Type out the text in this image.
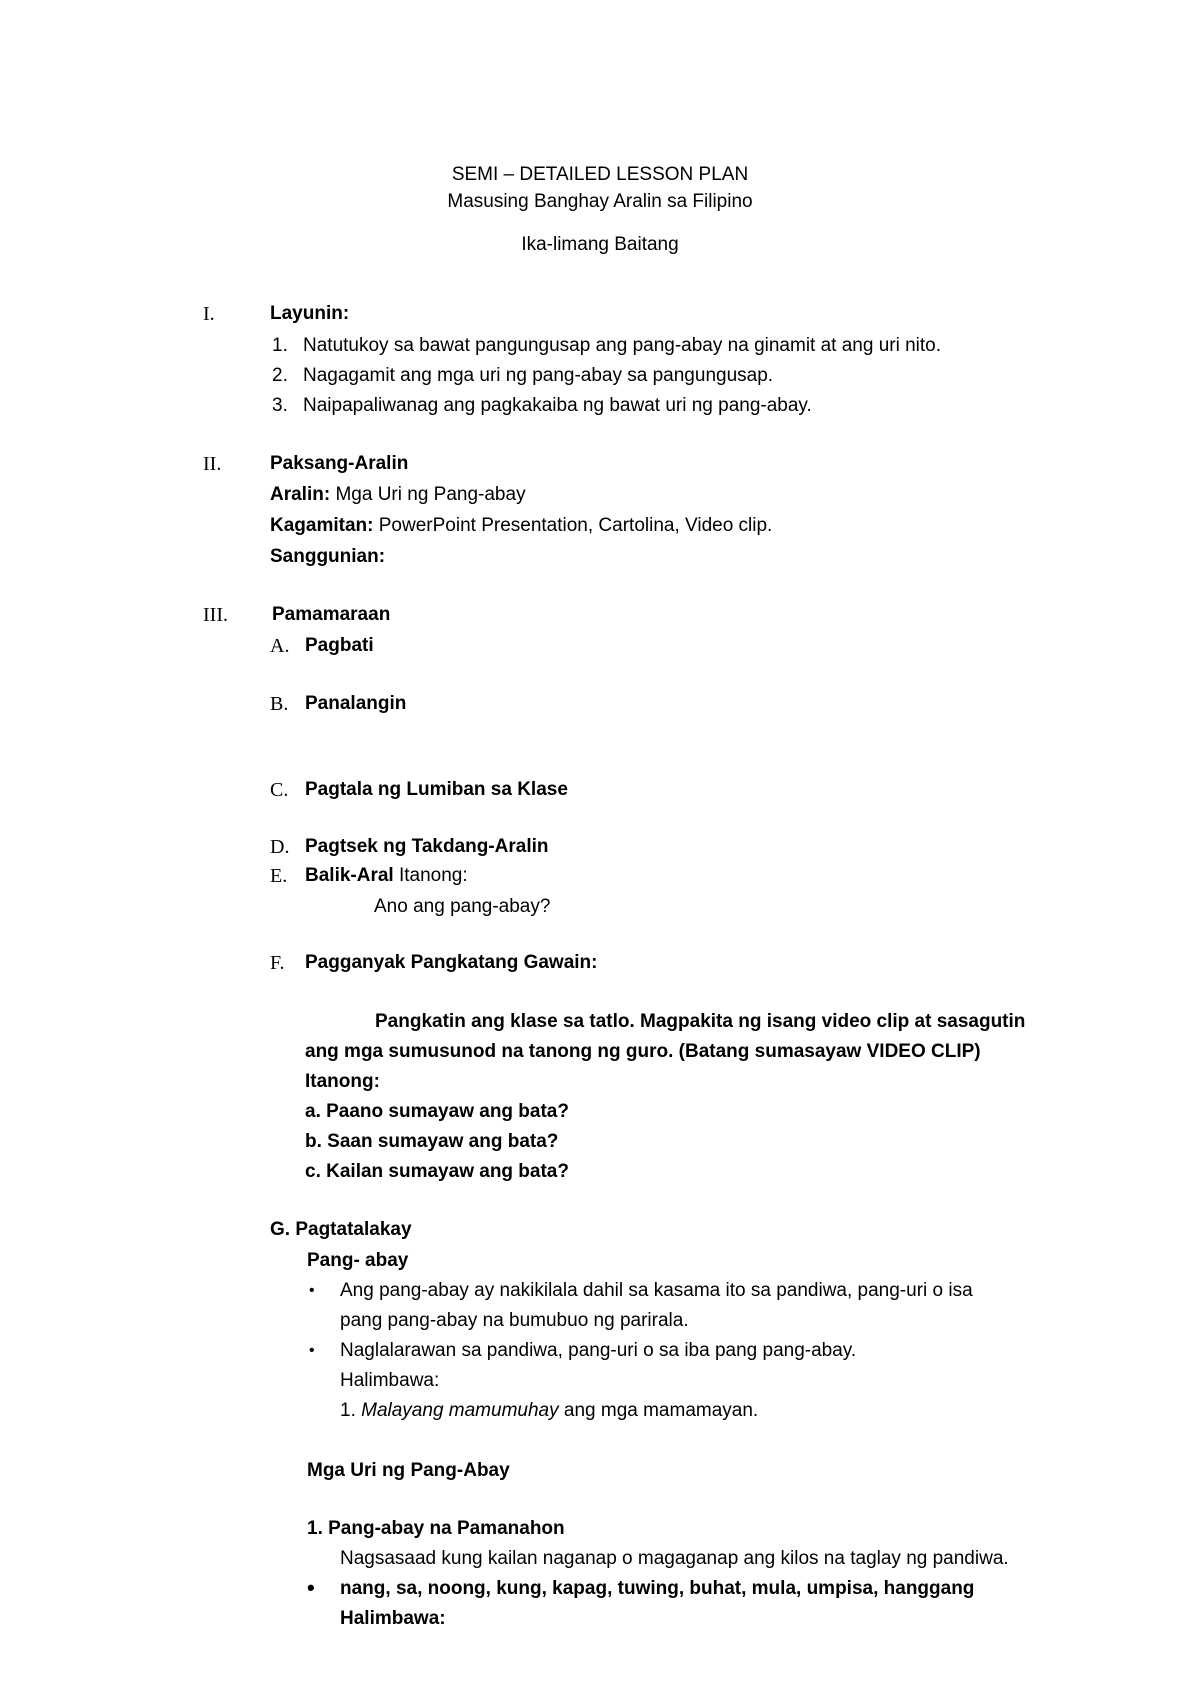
SEMI – DETAILED LESSON PLAN
Masusing Banghay Aralin sa Filipino
Ika-limang Baitang
I.	Layunin:
1. Natutukoy sa bawat pangungusap ang pang-abay na ginamit at ang uri nito.
2. Nagagamit ang mga uri ng pang-abay sa pangungusap.
3. Naipapaliwanag ang pagkakaiba ng bawat uri ng pang-abay.
II.	Paksang-Aralin
Aralin: Mga Uri ng Pang-abay
Kagamitan: PowerPoint Presentation, Cartolina, Video clip.
Sanggunian:
III. Pamamaraan
A. Pagbati
B. Panalangin
C. Pagtala ng Lumiban sa Klase
D. Pagtsek ng Takdang-Aralin
E. Balik-Aral Itanong:
Ano ang pang-abay?
F. Pagganyak Pangkatang Gawain:
Pangkatin ang klase sa tatlo. Magpakita ng isang video clip at sasagutin
ang mga sumusunod na tanong ng guro. (Batang sumasayaw VIDEO CLIP)
Itanong:
a. Paano sumayaw ang bata?
b. Saan sumayaw ang bata?
c. Kailan sumayaw ang bata?
G. Pagtatalakay
Pang- abay
• Ang pang-abay ay nakikilala dahil sa kasama ito sa pandiwa, pang-uri o isa
pang pang-abay na bumubuo ng parirala.
• Naglalarawan sa pandiwa, pang-uri o sa iba pang pang-abay.
Halimbawa:
1. Malayang mamumuhay ang mga mamamayan.
Mga Uri ng Pang-Abay
1. Pang-abay na Pamanahon
Nagsasaad kung kailan naganap o magaganap ang kilos na taglay ng pandiwa.
• nang, sa, noong, kung, kapag, tuwing, buhat, mula, umpisa, hanggang
Halimbawa:
